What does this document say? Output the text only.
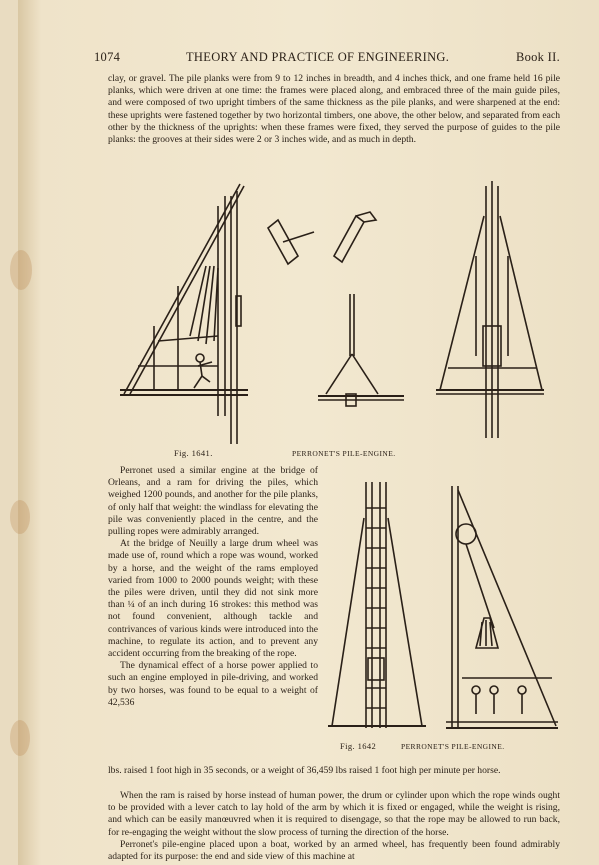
1074	THEORY AND PRACTICE OF ENGINEERING.	Book II.

clay, or gravel. The pile planks were from 9 to 12 inches in breadth, and 4 inches thick, and one frame held 16 pile planks, which were driven at one time: the frames were placed along, and embraced three of the main guide piles, and were composed of two upright timbers of the same thickness as the pile planks, and were sharpened at the end: these uprights were fastened together by two horizontal timbers, one above, the other below, and separated from each other by the thickness of the uprights: when these frames were fixed, they served the purpose of guides to the pile planks: the grooves at their sides were 2 or 3 inches wide, and as much in depth.

Fig. 1641.	PERRONET'S PILE-ENGINE.

Perronet used a similar engine at the bridge of Orleans, and a ram for driving the piles, which weighed 1200 pounds, and another for the pile planks, of only half that weight: the windlass for elevating the pile was conveniently placed in the centre, and the pulling ropes were admirably arranged.

At the bridge of Neuilly a large drum wheel was made use of, round which a rope was wound, worked by a horse, and the weight of the rams employed varied from 1000 to 2000 pounds weight; with these the piles were driven, until they did not sink more than ¼ of an inch during 16 strokes: this method was not found convenient, although tackle and contrivances of various kinds were introduced into the machine, to regulate its action, and to prevent any accident occurring from the breaking of the rope.

The dynamical effect of a horse power applied to such an engine employed in pile-driving, and worked by two horses, was found to be equal to a weight of 42,536

Fig. 1642	PERRONET'S PILE-ENGINE.

lbs. raised 1 foot high in 35 seconds, or a weight of 36,459 lbs raised 1 foot high per minute per horse.

When the ram is raised by horse instead of human power, the drum or cylinder upon which the rope winds ought to be provided with a lever catch to lay hold of the arm by which it is fixed or engaged, while the weight is rising, and which can be easily manœuvred when it is required to disengage, so that the rope may be allowed to run back, for re-engaging the weight without the slow process of turning the direction of the horse.

Perronet's pile-engine placed upon a boat, worked by an armed wheel, has frequently been found admirably adapted for its purpose: the end and side view of this machine at
